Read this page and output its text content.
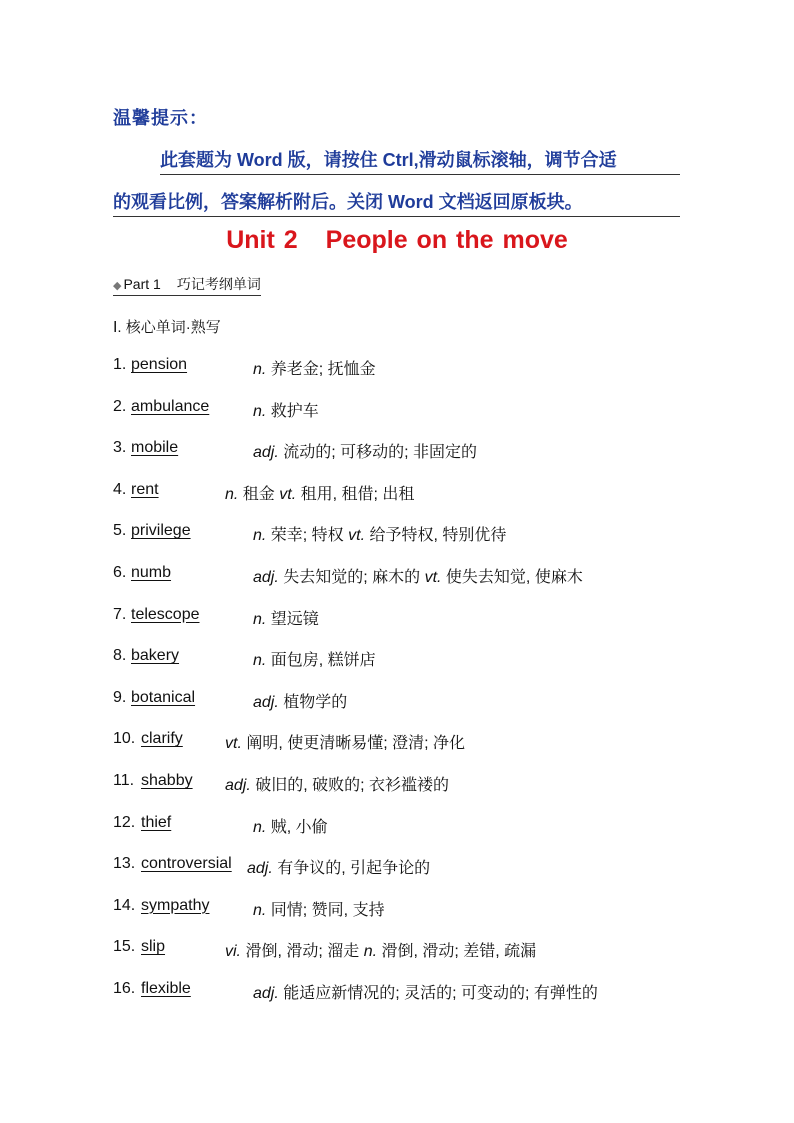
温馨提示：
此套题为 Word 版，请按住 Ctrl,滑动鼠标滚轴，调节合适
的观看比例，答案解析附后。关闭 Word 文档返回原板块。
Unit 2 People on the move
◆ Part 1 巧记考纲单词
Ⅰ. 核心单词·熟写
1. pension	n. 养老金; 抚恤金
2. ambulance	n. 救护车
3. mobile	adj. 流动的; 可移动的; 非固定的
4. rent	n. 租金 vt. 租用, 租借; 出租
5. privilege	n. 荣幸; 特权 vt. 给予特权, 特别优待
6. numb	adj. 失去知觉的; 麻木的 vt. 使失去知觉, 使麻木
7. telescope	n. 望远镜
8. bakery	n. 面包房, 糕饼店
9. botanical	adj. 植物学的
10. clarify	vt. 阐明, 使更清晰易懂; 澄清; 净化
11. shabby adj. 破旧的, 破败的; 衣衫褴褛的
12. thief	n. 贼, 小偷
13. controversial adj. 有争议的, 引起争论的
14. sympathy	n. 同情; 赞同, 支持
15. slip	vi. 滑倒, 滑动; 溜走 n. 滑倒, 滑动; 差错, 疏漏
16. flexible	adj. 能适应新情况的; 灵活的; 可变动的; 有弹性的
